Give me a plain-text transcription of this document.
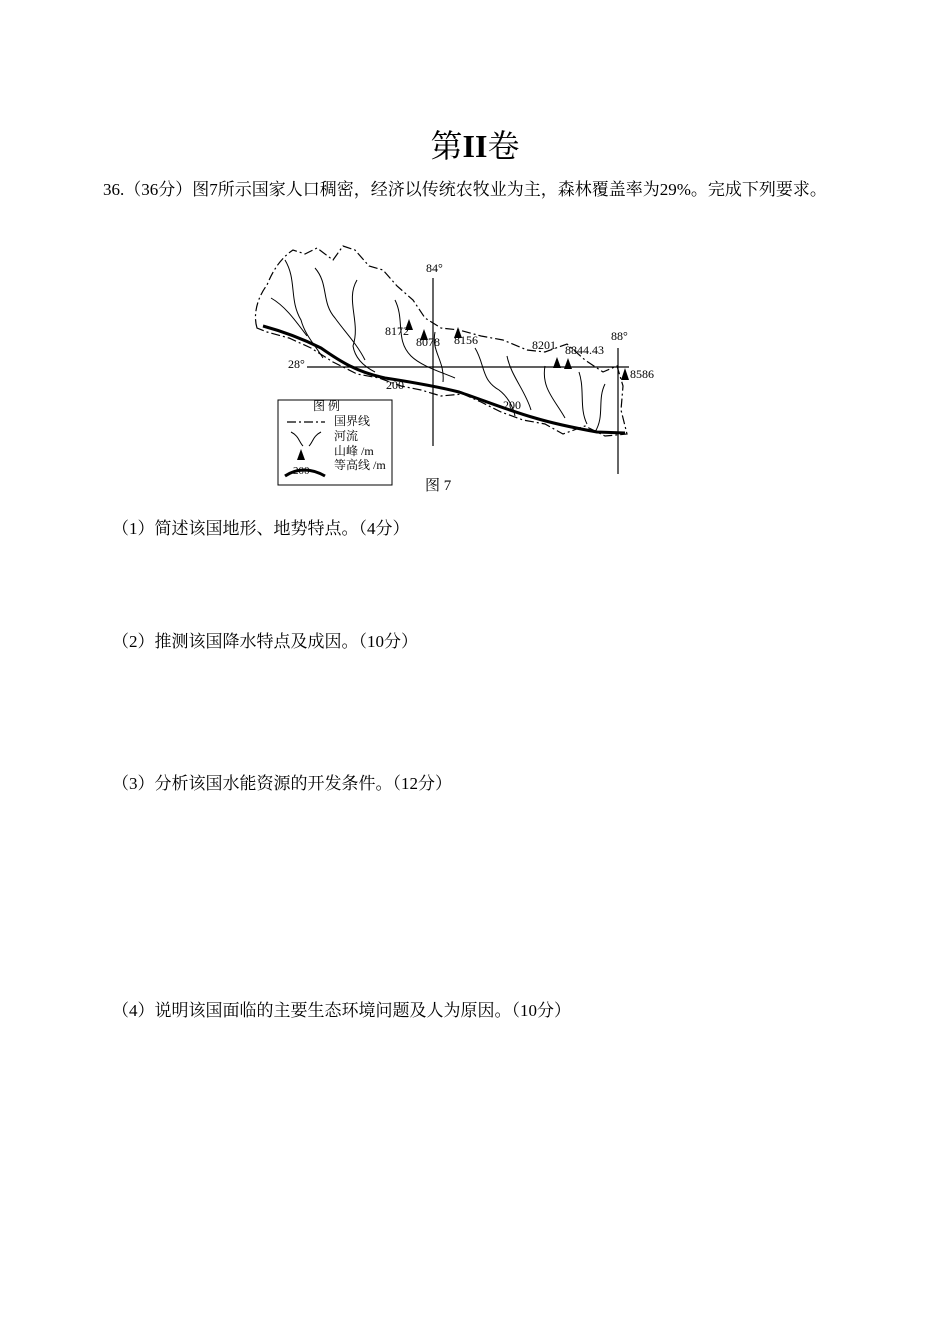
第II卷
36.（36分）图7所示国家人口稠密，经济以传统农牧业为主，森林覆盖率为29%。完成下列要求。
84°
88°
28°
8172
8078 8156	8201 8844.43
8586
200
200
图 例
国界线
河流
山峰 /m
200 等高线 /m
图 7
（1）简述该国地形、地势特点。（4分）
（2）推测该国降水特点及成因。（10分）
（3）分析该国水能资源的开发条件。（12分）
（4）说明该国面临的主要生态环境问题及人为原因。（10分）
